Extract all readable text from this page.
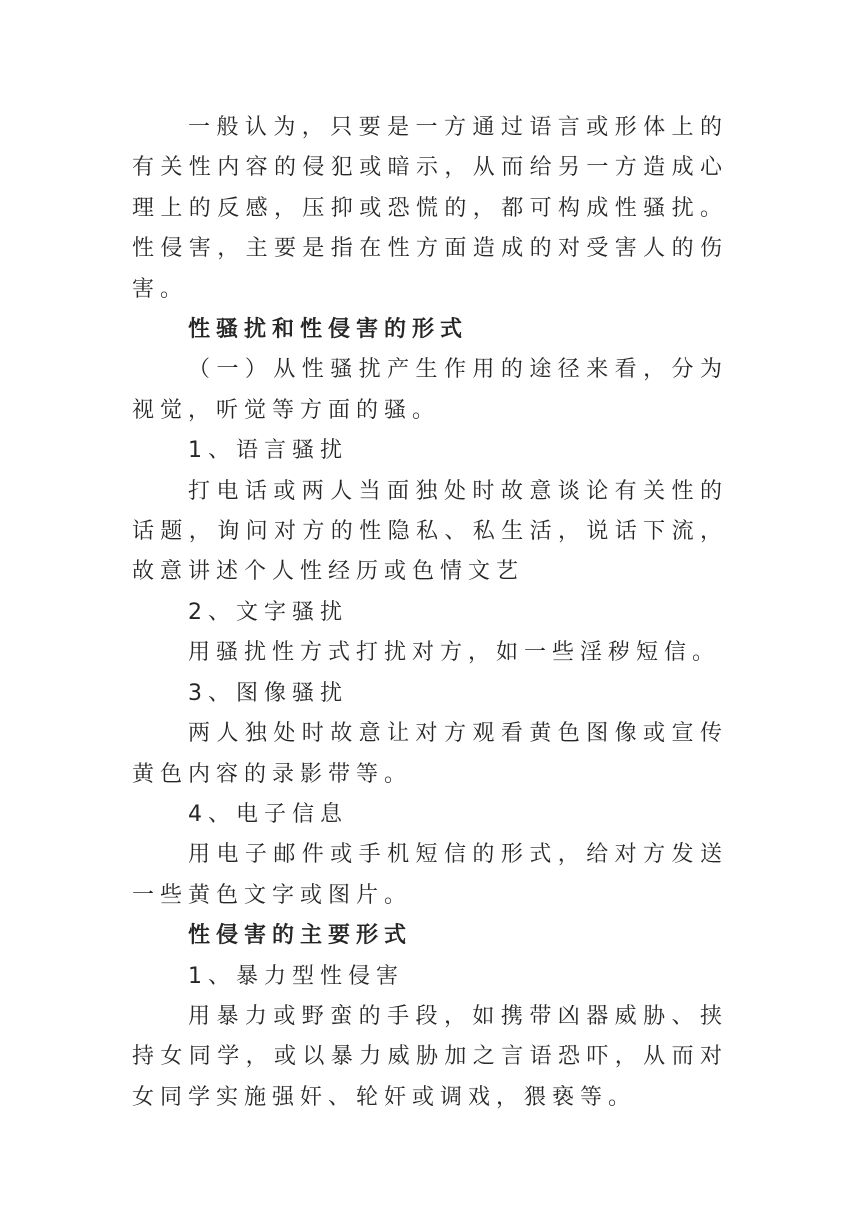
一般认为，只要是一方通过语言或形体上的有关性内容的侵犯或暗示，从而给另一方造成心理上的反感，压抑或恐慌的，都可构成性骚扰。性侵害，主要是指在性方面造成的对受害人的伤害。

性骚扰和性侵害的形式

（一）从性骚扰产生作用的途径来看，分为视觉，听觉等方面的骚。

1、语言骚扰

打电话或两人当面独处时故意谈论有关性的话题，询问对方的性隐私、私生活，说话下流，故意讲述个人性经历或色情文艺

2、文字骚扰

用骚扰性方式打扰对方，如一些淫秽短信。

3、图像骚扰

两人独处时故意让对方观看黄色图像或宣传黄色内容的录影带等。

4、电子信息

用电子邮件或手机短信的形式，给对方发送一些黄色文字或图片。

性侵害的主要形式

1、暴力型性侵害

用暴力或野蛮的手段，如携带凶器威胁、挟持女同学，或以暴力威胁加之言语恐吓，从而对女同学实施强奸、轮奸或调戏，猥亵等。
